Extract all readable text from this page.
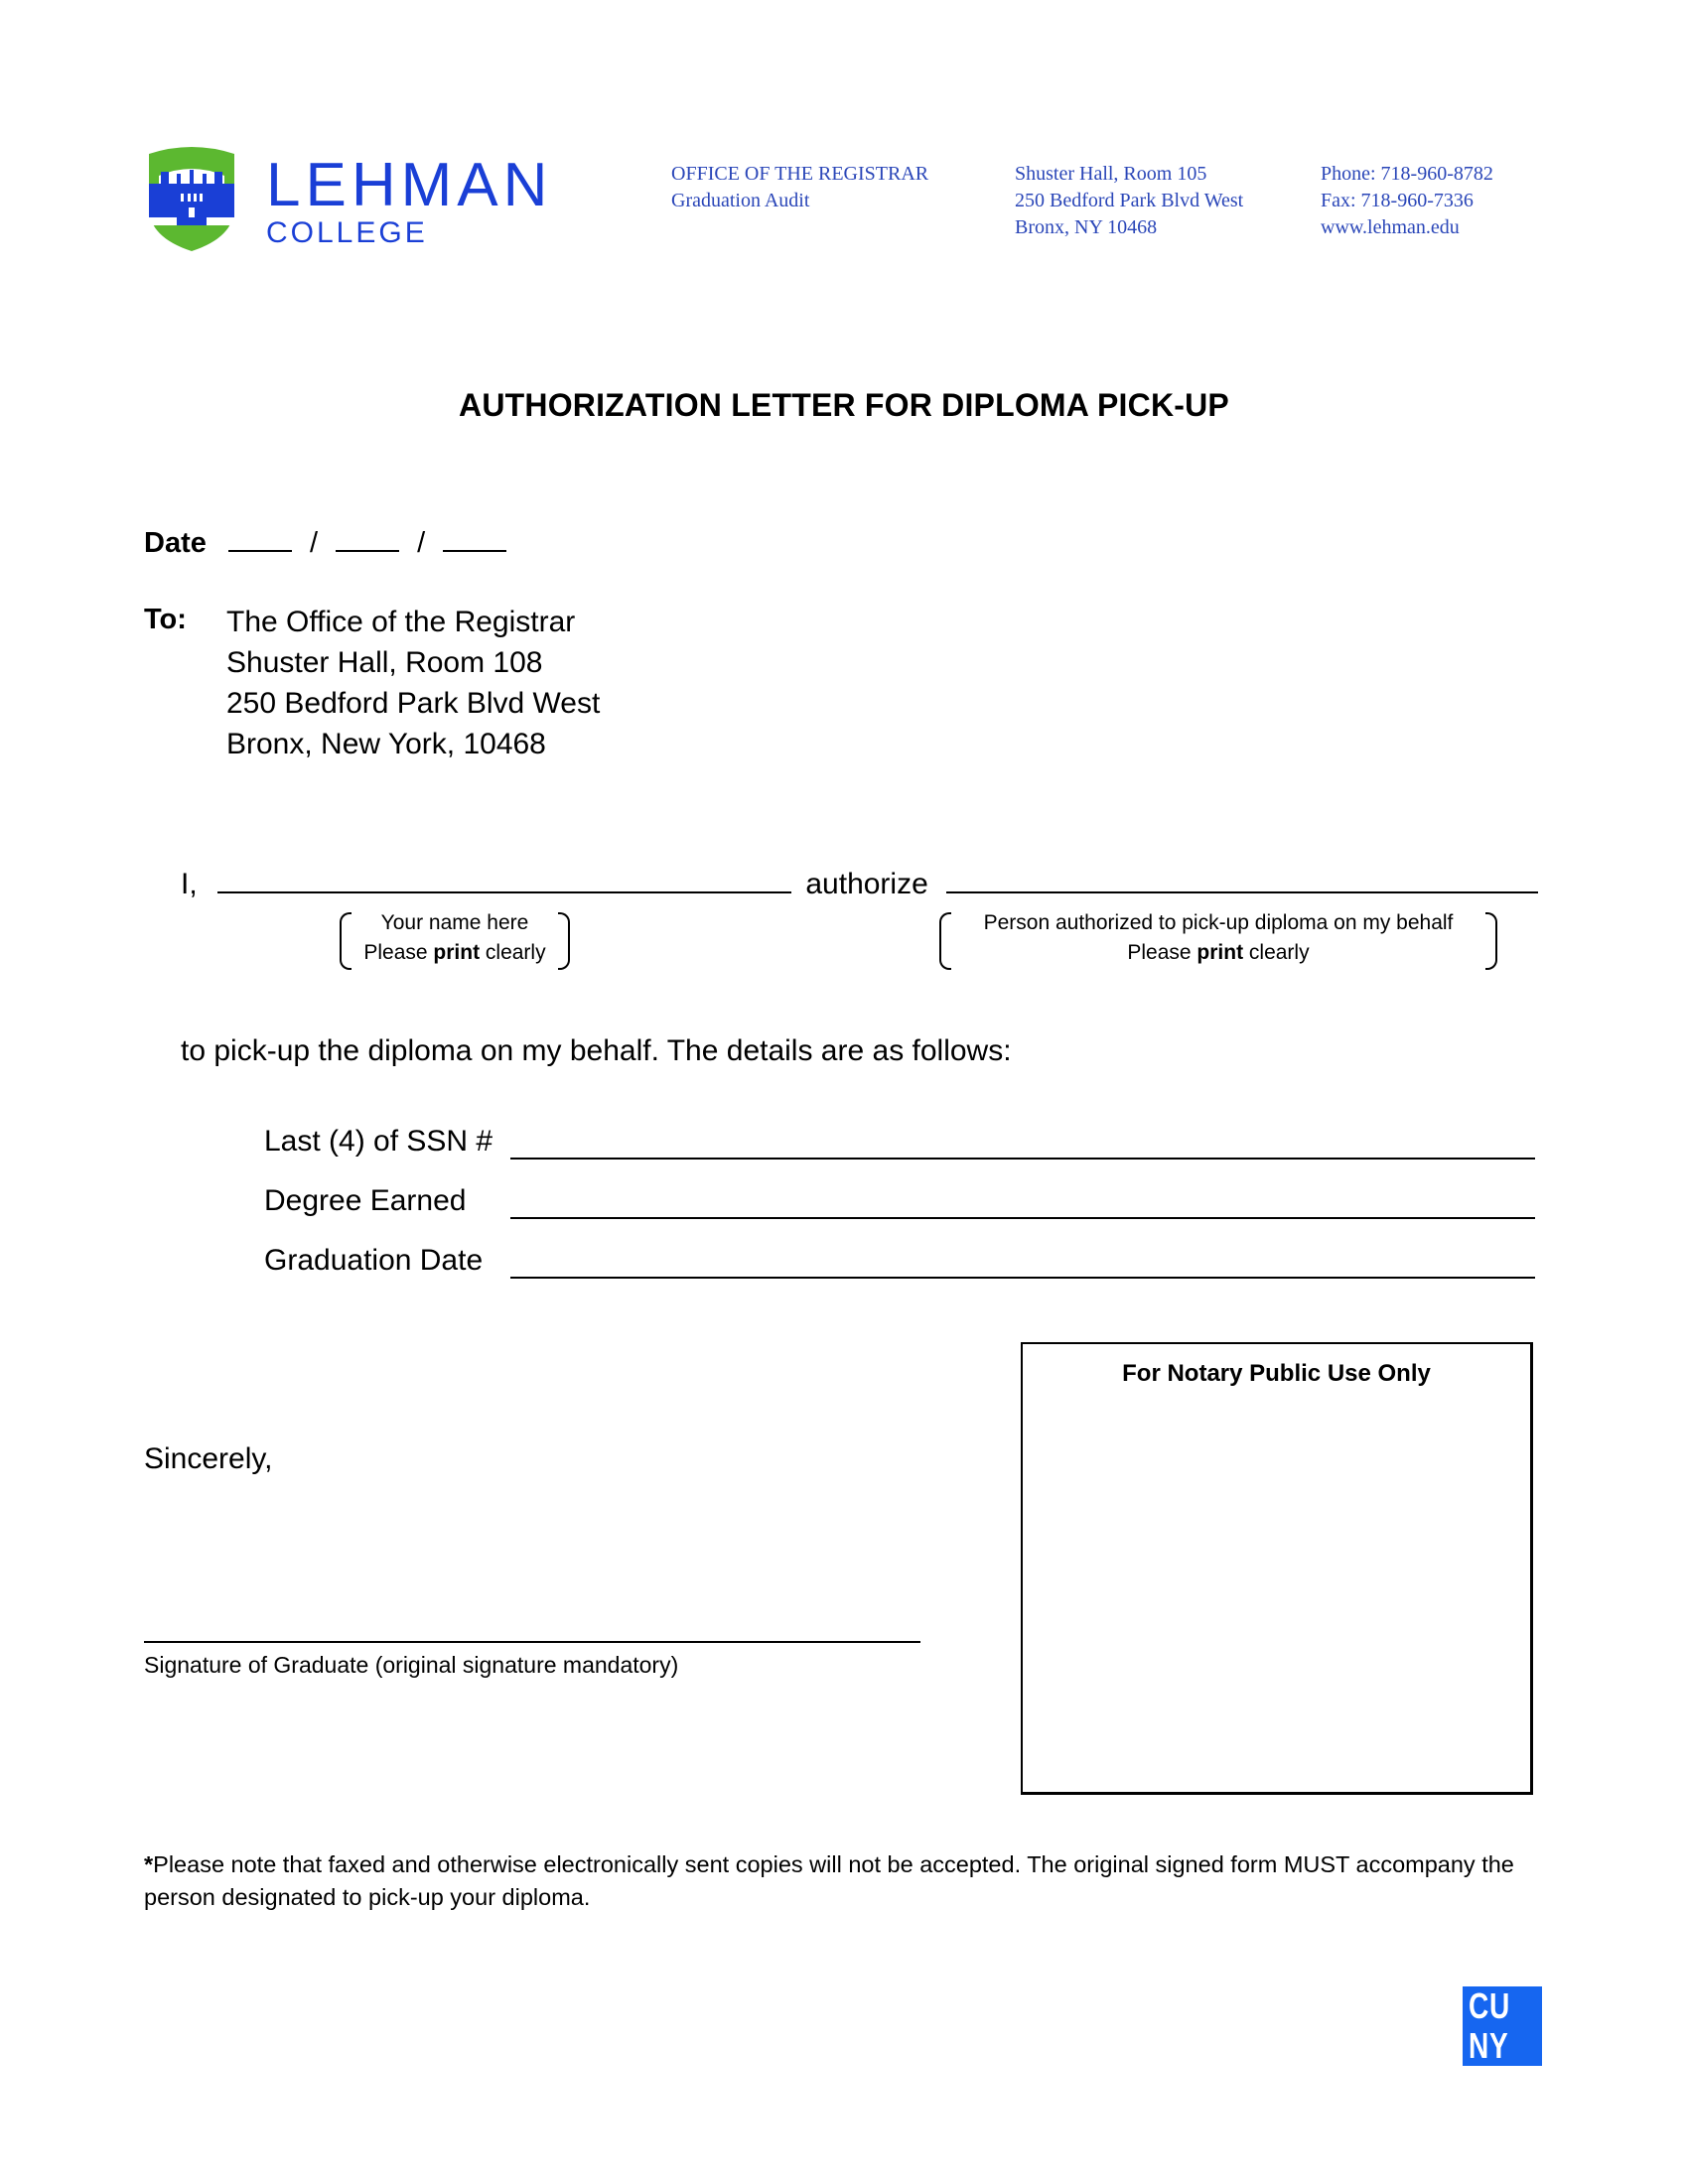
LEHMAN
COLLEGE
OFFICE OF THE REGISTRAR
Graduation Audit
Shuster Hall, Room 105
250 Bedford Park Blvd West
Bronx, NY 10468
Phone: 718-960-8782
Fax: 718-960-7336
www.lehman.edu
AUTHORIZATION LETTER FOR DIPLOMA PICK-UP
Date	/	/
To: The Office of the Registrar
Shuster Hall, Room 108
250 Bedford Park Blvd West
Bronx, New York, 10468
I,	authorize
Your name here
Please print clearly
Person authorized to pick-up diploma on my behalf
Please print clearly
to pick-up the diploma on my behalf. The details are as follows:
Last (4) of SSN #
Degree Earned
Graduation Date
Sincerely,
Signature of Graduate (original signature mandatory)
For Notary Public Use Only
*Please note that faxed and otherwise electronically sent copies will not be accepted. The original signed form MUST accompany the person designated to pick-up your diploma.
CU
NY
